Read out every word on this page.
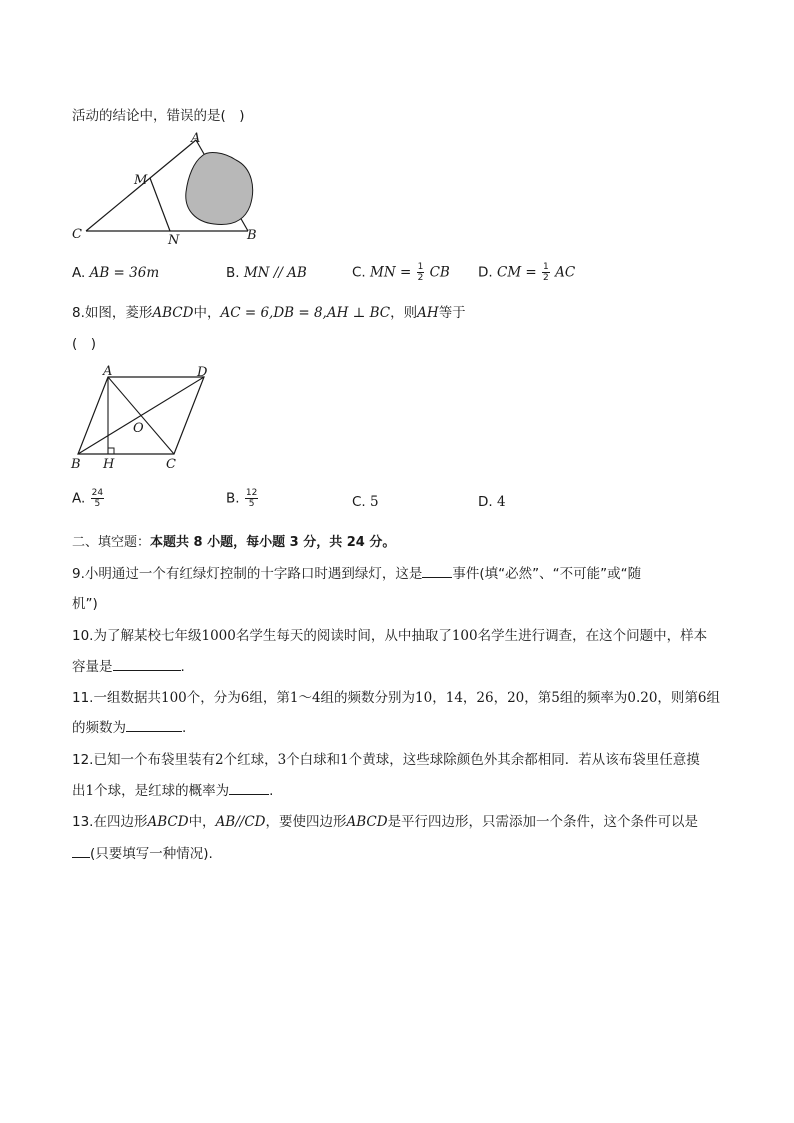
活动的结论中，错误的是(　)
A
M
C	N	B
A. AB = 36m	B. MN // AB	C. MN = $\frac{1}{2}$ CB D. CM = $\frac{1}{2}$ AC
8.如图，菱形ABCD中，AC = 6,DB = 8,AH ⊥ BC，则AH等于
(　)
A	D
O
B H	C
A. $\frac{24}{5}$	B. $\frac{12}{5}$	C. 5	D. 4
二、填空题：本题共 8 小题，每小题 3 分，共 24 分。
9.小明通过一个有红绿灯控制的十字路口时遇到绿灯，这是 事件(填“必然”、“不可能”或“随
机”)
10.为了解某校七年级1000名学生每天的阅读时间，从中抽取了100名学生进行调查，在这个问题中，样本
容量是	.
11.一组数据共100个，分为6组，第1～4组的频数分别为10，14，26，20，第5组的频率为0.20，则第6组
的频数为	.
12.已知一个布袋里装有2个红球，3个白球和1个黄球，这些球除颜色外其余都相同．若从该布袋里任意摸
出1个球，是红球的概率为	.
13.在四边形ABCD中，AB//CD，要使四边形ABCD是平行四边形，只需添加一个条件，这个条件可以是
(只要填写一种情况).
